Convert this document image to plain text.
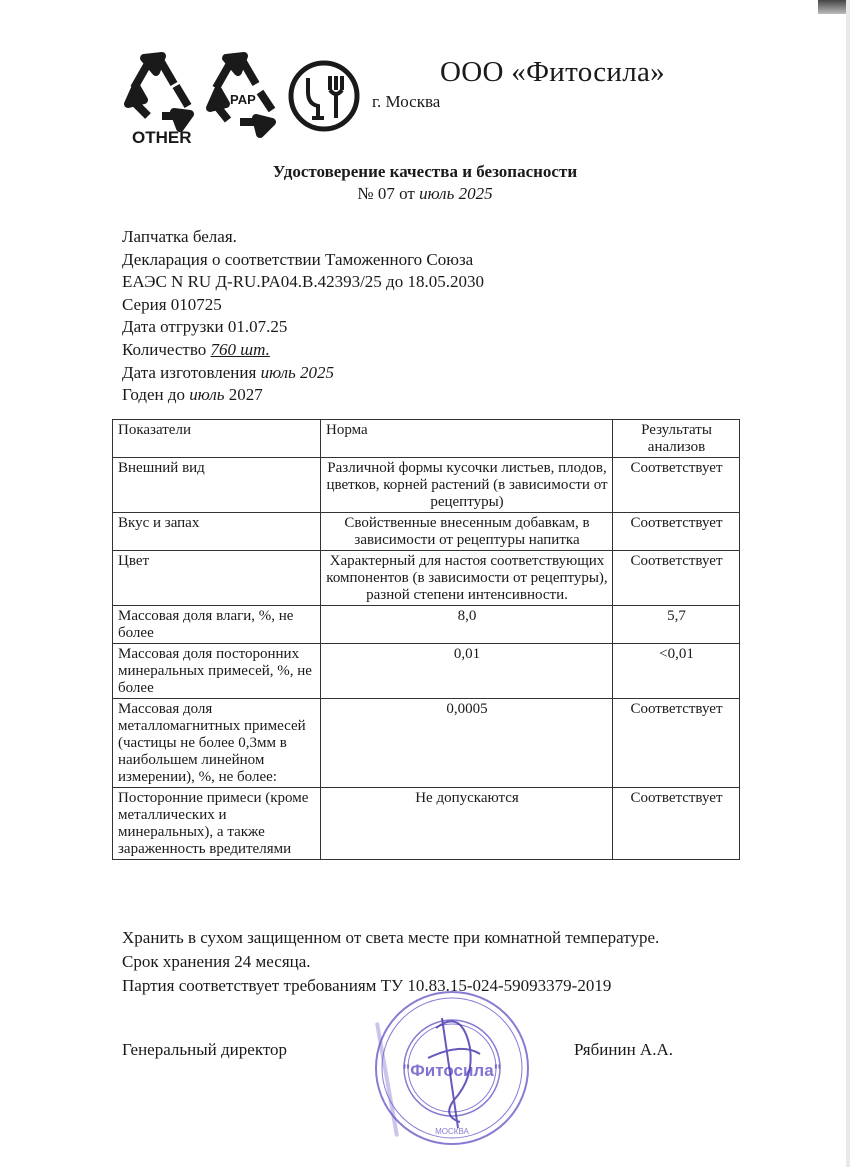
OTHER
PAP
ООО «Фитосила»
г. Москва
Удостоверение качества и безопасности
№ 07 от июль 2025
Лапчатка белая.
Декларация о соответствии Таможенного Союза
ЕАЭС N RU Д-RU.PA04.B.42393/25 до 18.05.2030
Серия 010725
Дата отгрузки 01.07.25
Количество 760 шт.
Дата изготовления июль 2025
Годен до июль 2027
Показатели	Норма	Результаты анализов
Внешний вид	Различной формы кусочки листьев, плодов, цветков, корней растений (в зависимости от рецептуры)	Соответствует
Вкус и запах	Свойственные внесенным добавкам, в зависимости от рецептуры напитка	Соответствует
Цвет	Характерный для настоя соответствующих компонентов (в зависимости от рецептуры), разной степени интенсивности.	Соответствует
Массовая доля влаги, %, не более	8,0	5,7
Массовая доля посторонних минеральных примесей, %, не более	0,01	<0,01
Массовая доля металломагнитных примесей (частицы не более 0,3мм в наибольшем линейном измерении), %, не более:	0,0005	Соответствует
Посторонние примеси (кроме металлических и минеральных), а также зараженность вредителями	Не допускаются	Соответствует
Хранить в сухом защищенном от света месте при комнатной температуре.
Срок хранения 24 месяца.
Партия соответствует требованиям ТУ 10.83.15-024-59093379-2019
"Фитосила"
МОСКВА
Генеральный директор	Рябинин А.А.
